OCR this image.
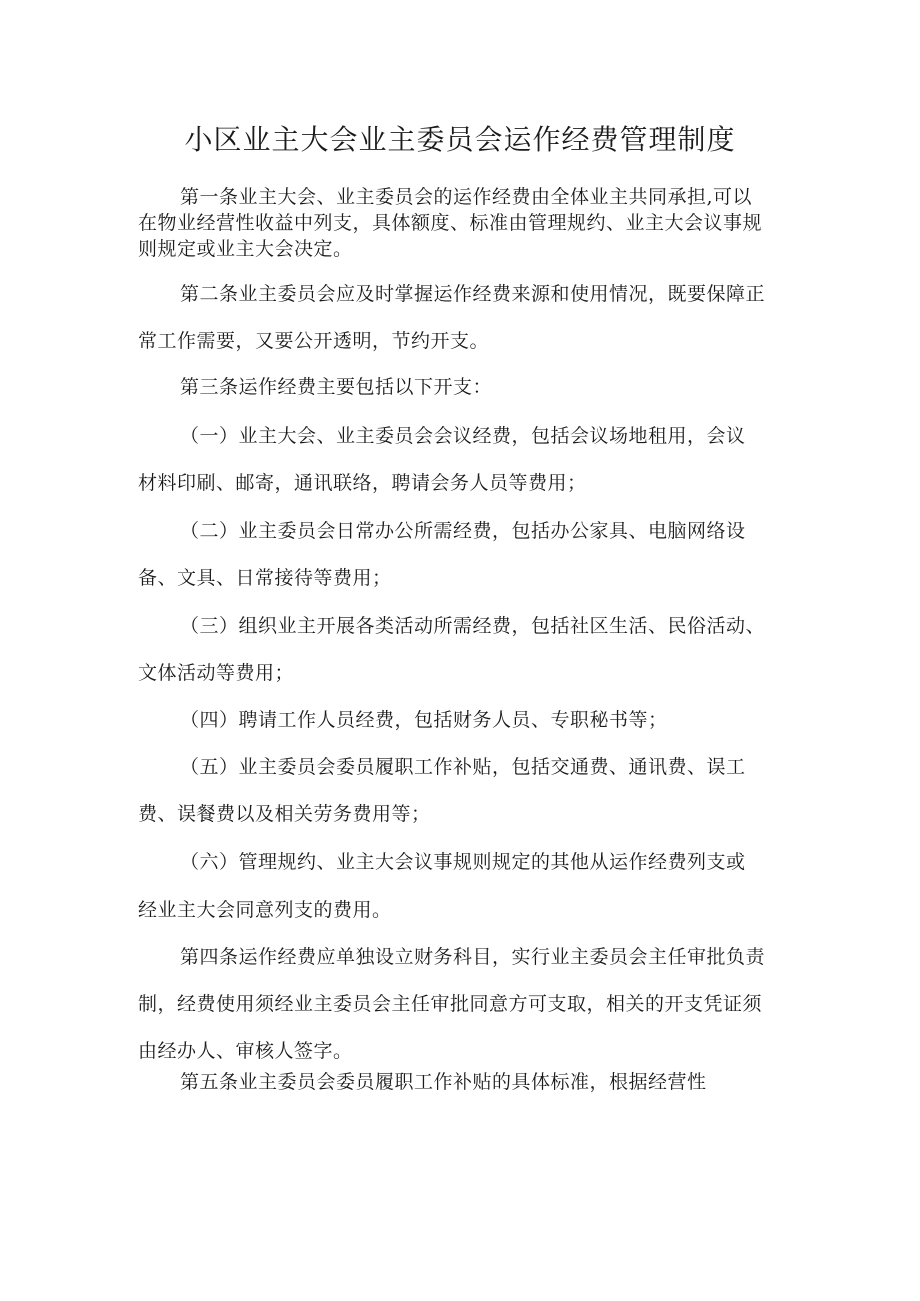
小区业主大会业主委员会运作经费管理制度

第一条业主大会、业主委员会的运作经费由全体业主共同承担,可以

在物业经营性收益中列支，具体额度、标准由管理规约、业主大会议事规

则规定或业主大会决定。

第二条业主委员会应及时掌握运作经费来源和使用情况，既要保障正

常工作需要，又要公开透明，节约开支。

第三条运作经费主要包括以下开支：

（一）业主大会、业主委员会会议经费，包括会议场地租用，会议

材料印刷、邮寄，通讯联络，聘请会务人员等费用；

（二）业主委员会日常办公所需经费，包括办公家具、电脑网络设

备、文具、日常接待等费用；

（三）组织业主开展各类活动所需经费，包括社区生活、民俗活动、

文体活动等费用；

（四）聘请工作人员经费，包括财务人员、专职秘书等；

（五）业主委员会委员履职工作补贴，包括交通费、通讯费、误工

费、误餐费以及相关劳务费用等；

（六）管理规约、业主大会议事规则规定的其他从运作经费列支或

经业主大会同意列支的费用。

第四条运作经费应单独设立财务科目，实行业主委员会主任审批负责

制，经费使用须经业主委员会主任审批同意方可支取，相关的开支凭证须

由经办人、审核人签字。

第五条业主委员会委员履职工作补贴的具体标准，根据经营性
